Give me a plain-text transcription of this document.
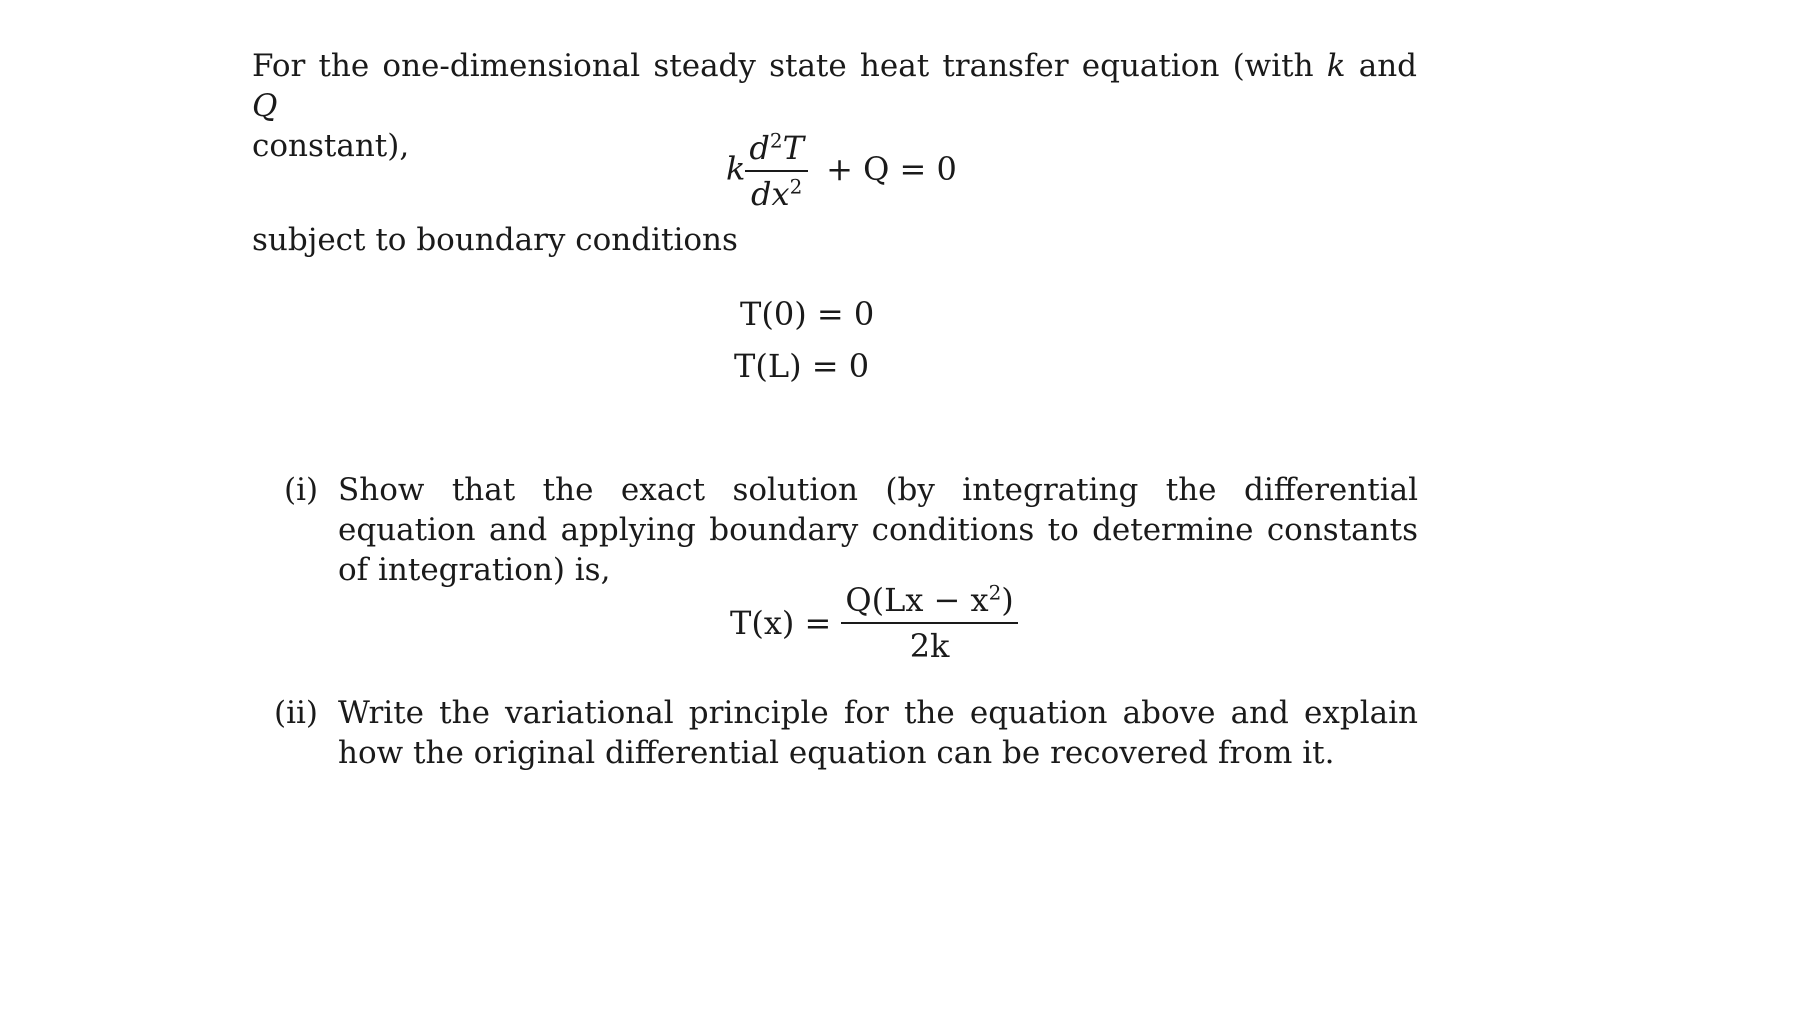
For the one-dimensional steady state heat transfer equation (with k and Q
constant),
k $\frac{d^2T}{dx^2} + Q = 0$
subject to boundary conditions
T(0) = 0
T(L) = 0
(i) Show that the exact solution (by integrating the differential equation and applying boundary conditions to determine constants of integration) is,
$T(x) = \frac{Q(Lx - x^2)}{2k}$
(ii) Write the variational principle for the equation above and explain how the original differential equation can be recovered from it.
